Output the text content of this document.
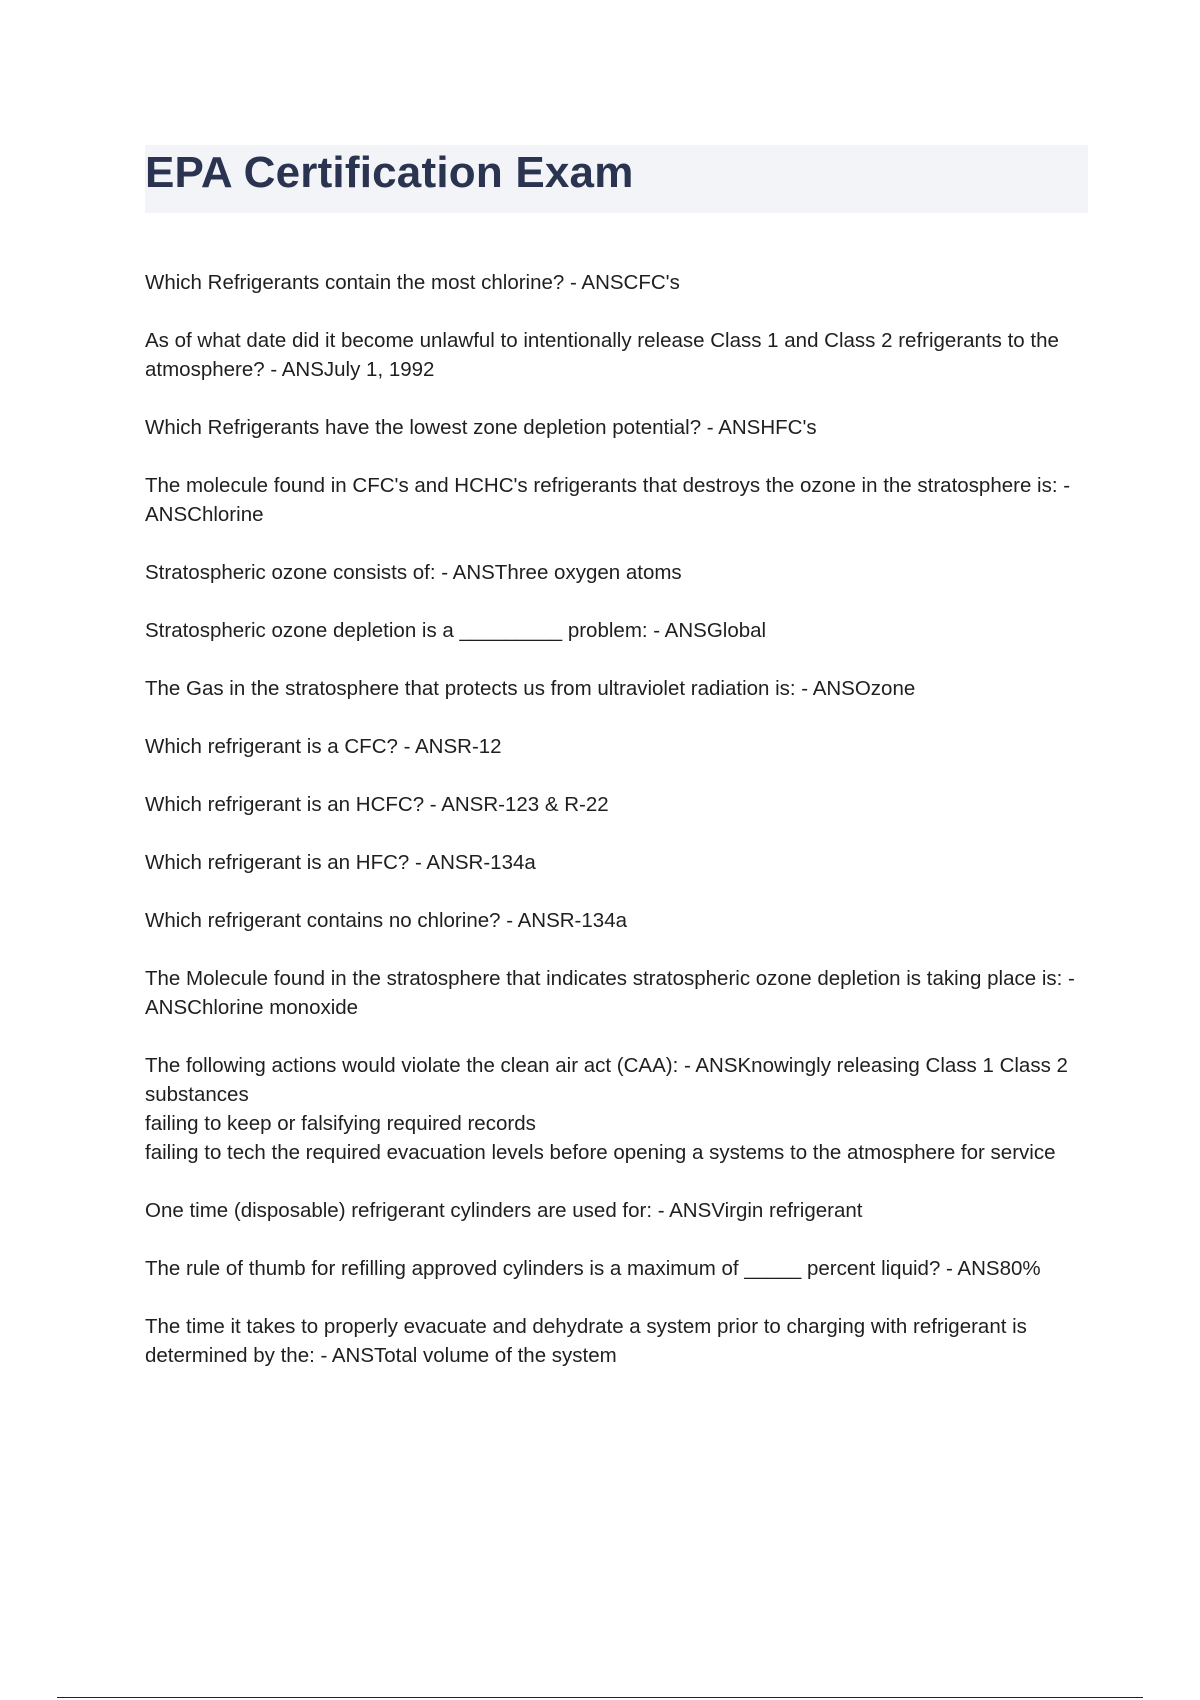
EPA Certification Exam
Which Refrigerants contain the most chlorine? - ANSCFC's
As of what date did it become unlawful to intentionally release Class 1 and Class 2 refrigerants to the atmosphere? - ANSJuly 1, 1992
Which Refrigerants have the lowest zone depletion potential? - ANSHFC's
The molecule found in CFC's and HCHC's refrigerants that destroys the ozone in the stratosphere is: - ANSChlorine
Stratospheric ozone consists of: - ANSThree oxygen atoms
Stratospheric ozone depletion is a _________ problem: - ANSGlobal
The Gas in the stratosphere that protects us from ultraviolet radiation is: - ANSOzone
Which refrigerant is a CFC? - ANSR-12
Which refrigerant is an HCFC? - ANSR-123 & R-22
Which refrigerant is an HFC? - ANSR-134a
Which refrigerant contains no chlorine? - ANSR-134a
The Molecule found in the stratosphere that indicates stratospheric ozone depletion is taking place is: - ANSChlorine monoxide
The following actions would violate the clean air act (CAA): - ANSKnowingly releasing Class 1 Class 2 substances
failing to keep or falsifying required records
failing to tech the required evacuation levels before opening a systems to the atmosphere for service
One time (disposable) refrigerant cylinders are used for: - ANSVirgin refrigerant
The rule of thumb for refilling approved cylinders is a maximum of _____ percent liquid? - ANS80%
The time it takes to properly evacuate and dehydrate a system prior to charging with refrigerant is determined by the: - ANSTotal volume of the system
